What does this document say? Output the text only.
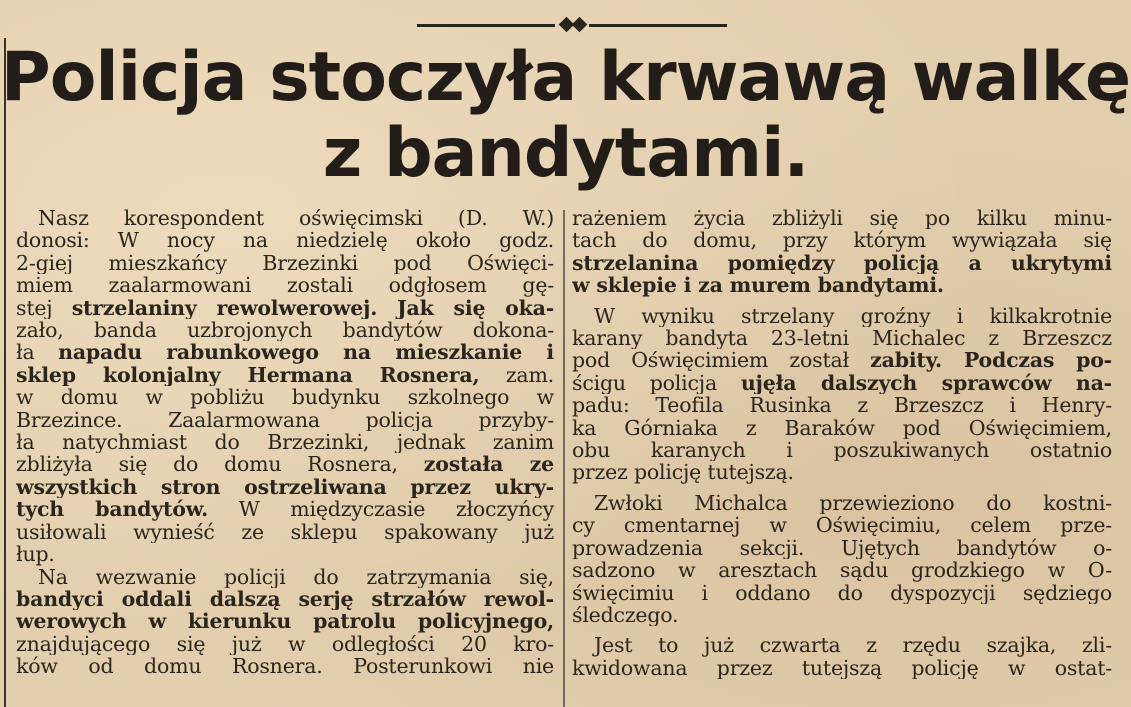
Policja stoczyła krwawą walkę
z bandytami.
Nasz korespondent oświęcimski (D. W.)
donosi: W nocy na niedzielę około godz.
2-giej mieszkańcy Brzezinki pod Oświęci-
miem zaalarmowani zostali odgłosem gę-
stej strzelaniny rewolwerowej. Jak się oka-
zało, banda uzbrojonych bandytów dokona-
ła napadu rabunkowego na mieszkanie i
sklep kolonjalny Hermana Rosnera, zam.
w domu w pobliżu budynku szkolnego w
Brzezince. Zaalarmowana policja przyby-
ła natychmiast do Brzezinki, jednak zanim
zbliżyła się do domu Rosnera, została ze
wszystkich stron ostrzeliwana przez ukry-
tych bandytów. W międzyczasie złoczyńcy
usiłowali wynieść ze sklepu spakowany już
łup.
Na wezwanie policji do zatrzymania się,
bandyci oddali dalszą serję strzałów rewol-
werowych w kierunku patrolu policyjnego,
znajdującego się już w odległości 20 kro-
ków od domu Rosnera. Posterunkowi nie
rażeniem życia zbliżyli się po kilku minu-
tach do domu, przy którym wywiązała się
strzelanina pomiędzy policją a ukrytymi
w sklepie i za murem bandytami.
W wyniku strzelany groźny i kilkakrotnie
karany bandyta 23-letni Michalec z Brzeszcz
pod Oświęcimiem został zabity. Podczas po-
ścigu policja ujęła dalszych sprawców na-
padu: Teofila Rusinka z Brzeszcz i Henry-
ka Górniaka z Baraków pod Oświęcimiem,
obu karanych i poszukiwanych ostatnio
przez policję tutejszą.
Zwłoki Michalca przewieziono do kostni-
cy cmentarnej w Oświęcimiu, celem prze-
prowadzenia sekcji. Ujętych bandytów o-
sadzono w aresztach sądu grodzkiego w O-
święcimiu i oddano do dyspozycji sędziego
śledczego.
Jest to już czwarta z rzędu szajka, zli-
kwidowana przez tutejszą policję w ostat-
